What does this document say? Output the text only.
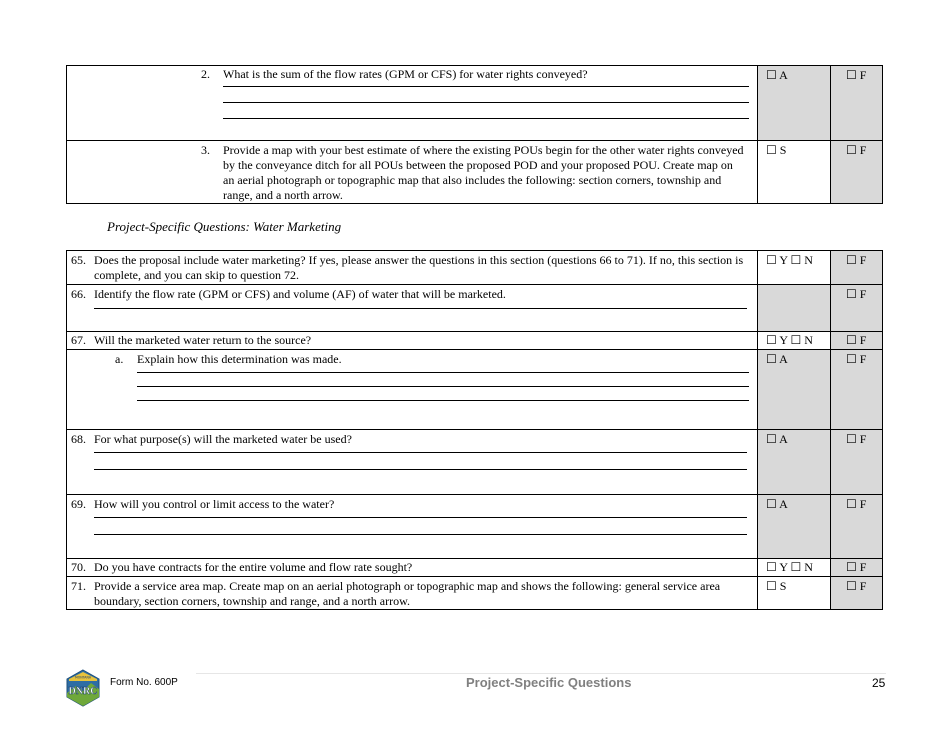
2. What is the sum of the flow rates (GPM or CFS) for water rights conveyed?	☐ A	☐ F

3. Provide a map with your best estimate of where the existing POUs begin for the other water rights conveyed by the conveyance ditch for all POUs between the proposed POD and your proposed POU. Create map on an aerial photograph or topographic map that also includes the following: section corners, township and range, and a north arrow.	☐ S	☐ F
Project-Specific Questions: Water Marketing
65. Does the proposal include water marketing? If yes, please answer the questions in this section (questions 66 to 71). If no, this section is complete, and you can skip to question 72.	☐ Y ☐ N	☐ F

66. Identify the flow rate (GPM or CFS) and volume (AF) of water that will be marketed.		☐ F

67. Will the marketed water return to the source?	☐ Y ☐ N	☐ F

a. Explain how this determination was made.	☐ A	☐ F

68. For what purpose(s) will the marketed water be used?	☐ A	☐ F

69. How will you control or limit access to the water?	☐ A	☐ F

70. Do you have contracts for the entire volume and flow rate sought?	☐ Y ☐ N	☐ F

71. Provide a service area map. Create map on an aerial photograph or topographic map and shows the following: general service area boundary, section corners, township and range, and a north arrow.	☐ S	☐ F
MONTANA
DNRC
Form No. 600P	Project-Specific Questions	25
